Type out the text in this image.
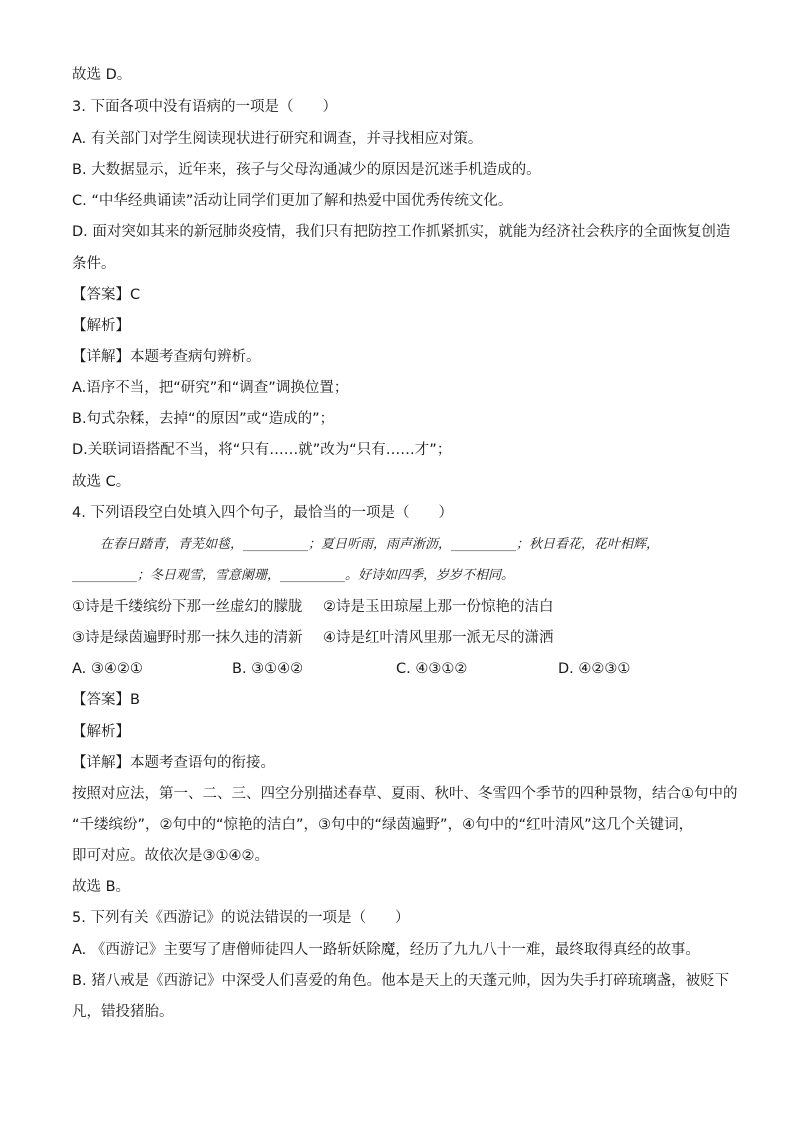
故选 D。
3. 下面各项中没有语病的一项是（　　）
A. 有关部门对学生阅读现状进行研究和调查，并寻找相应对策。
B. 大数据显示，近年来，孩子与父母沟通减少的原因是沉迷手机造成的。
C. “中华经典诵读”活动让同学们更加了解和热爱中国优秀传统文化。
D. 面对突如其来的新冠肺炎疫情，我们只有把防控工作抓紧抓实，就能为经济社会秩序的全面恢复创造
条件。
【答案】C
【解析】
【详解】本题考查病句辨析。
A.语序不当，把“研究”和“调查”调换位置；
B.句式杂糅，去掉“的原因”或“造成的”；
D.关联词语搭配不当，将“只有……就”改为“只有……才”；
故选 C。
4. 下列语段空白处填入四个句子，最恰当的一项是（　　）
在春日踏青，青芜如毯，__________；夏日听雨，雨声淅沥，__________；秋日看花，花叶相辉，
__________；冬日观雪，雪意阑珊，__________。好诗如四季，岁岁不相同。
①诗是千缕缤纷下那一丝虚幻的朦胧 ②诗是玉田琼屋上那一份惊艳的洁白
③诗是绿茵遍野时那一抹久违的清新 ④诗是红叶清风里那一派无尽的潇洒
A. ③④②①	B. ③①④②	C. ④③①②	D. ④②③①
【答案】B
【解析】
【详解】本题考查语句的衔接。
按照对应法，第一、二、三、四空分别描述春草、夏雨、秋叶、冬雪四个季节的四种景物，结合①句中的
“千缕缤纷”，②句中的“惊艳的洁白”，③句中的“绿茵遍野”，④句中的“红叶清风”这几个关键词，
即可对应。故依次是③①④②。
故选 B。
5. 下列有关《西游记》的说法错误的一项是（　　）
A. 《西游记》主要写了唐僧师徒四人一路斩妖除魔，经历了九九八十一难，最终取得真经的故事。
B. 猪八戒是《西游记》中深受人们喜爱的角色。他本是天上的天蓬元帅，因为失手打碎琉璃盏，被贬下
凡，错投猪胎。
